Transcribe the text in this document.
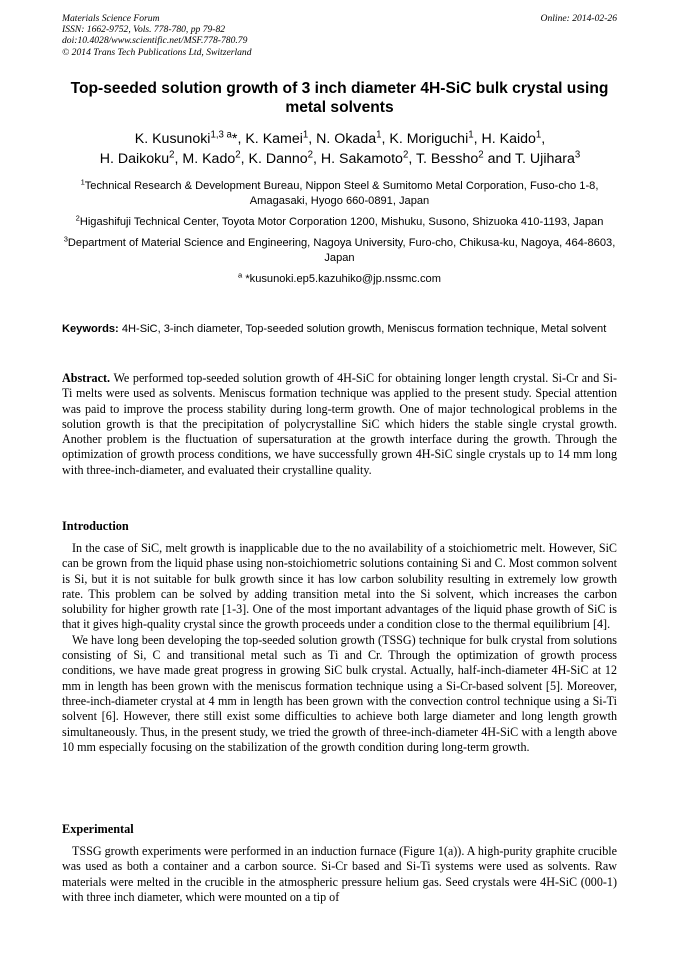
Materials Science Forum
ISSN: 1662-9752, Vols. 778-780, pp 79-82
doi:10.4028/www.scientific.net/MSF.778-780.79
© 2014 Trans Tech Publications Ltd, Switzerland
Online: 2014-02-26
Top-seeded solution growth of 3 inch diameter 4H-SiC bulk crystal using metal solvents
K. Kusunoki$^{1,3 a}$*, K. Kamei$^1$, N. Okada$^1$, K. Moriguchi$^1$, H. Kaido$^1$,
H. Daikoku$^2$, M. Kado$^2$, K. Danno$^2$, H. Sakamoto$^2$, T. Bessho$^2$ and T. Ujihara$^3$
$^1$Technical Research & Development Bureau, Nippon Steel & Sumitomo Metal Corporation, Fuso-cho 1-8, Amagasaki, Hyogo 660-0891, Japan
$^2$Higashifuji Technical Center, Toyota Motor Corporation 1200, Mishuku, Susono, Shizuoka 410-1193, Japan
$^3$Department of Material Science and Engineering, Nagoya University, Furo-cho, Chikusa-ku, Nagoya, 464-8603, Japan
$^a$ *kusunoki.ep5.kazuhiko@jp.nssmc.com
Keywords: 4H-SiC, 3-inch diameter, Top-seeded solution growth, Meniscus formation technique, Metal solvent
Abstract. We performed top-seeded solution growth of 4H-SiC for obtaining longer length crystal. Si-Cr and Si-Ti melts were used as solvents. Meniscus formation technique was applied to the present study. Special attention was paid to improve the process stability during long-term growth. One of major technological problems in the solution growth is that the precipitation of polycrystalline SiC which hiders the stable single crystal growth. Another problem is the fluctuation of supersaturation at the growth interface during the growth. Through the optimization of growth process conditions, we have successfully grown 4H-SiC single crystals up to 14 mm long with three-inch-diameter, and evaluated their crystalline quality.
Introduction

In the case of SiC, melt growth is inapplicable due to the no availability of a stoichiometric melt. However, SiC can be grown from the liquid phase using non-stoichiometric solutions containing Si and C. Most common solvent is Si, but it is not suitable for bulk growth since it has low carbon solubility resulting in extremely low growth rate. This problem can be solved by adding transition metal into the Si solvent, which increases the carbon solubility for higher growth rate [1-3]. One of the most important advantages of the liquid phase growth of SiC is that it gives high-quality crystal since the growth proceeds under a condition close to the thermal equilibrium [4].

We have long been developing the top-seeded solution growth (TSSG) technique for bulk crystal from solutions consisting of Si, C and transitional metal such as Ti and Cr. Through the optimization of growth process conditions, we have made great progress in growing SiC bulk crystal. Actually, half-inch-diameter 4H-SiC at 12 mm in length has been grown with the meniscus formation technique using a Si-Cr-based solvent [5]. Moreover, three-inch-diameter crystal at 4 mm in length has been grown with the convection control technique using a Si-Ti solvent [6]. However, there still exist some difficulties to achieve both large diameter and long length growth simultaneously. Thus, in the present study, we tried the growth of three-inch-diameter 4H-SiC with a length above 10 mm especially focusing on the stabilization of the growth condition during long-term growth.

Experimental

TSSG growth experiments were performed in an induction furnace (Figure 1(a)). A high-purity graphite crucible was used as both a container and a carbon source. Si-Cr based and Si-Ti systems were used as solvents. Raw materials were melted in the crucible in the atmospheric pressure helium gas. Seed crystals were 4H-SiC (000-1) with three inch diameter, which were mounted on a tip of
